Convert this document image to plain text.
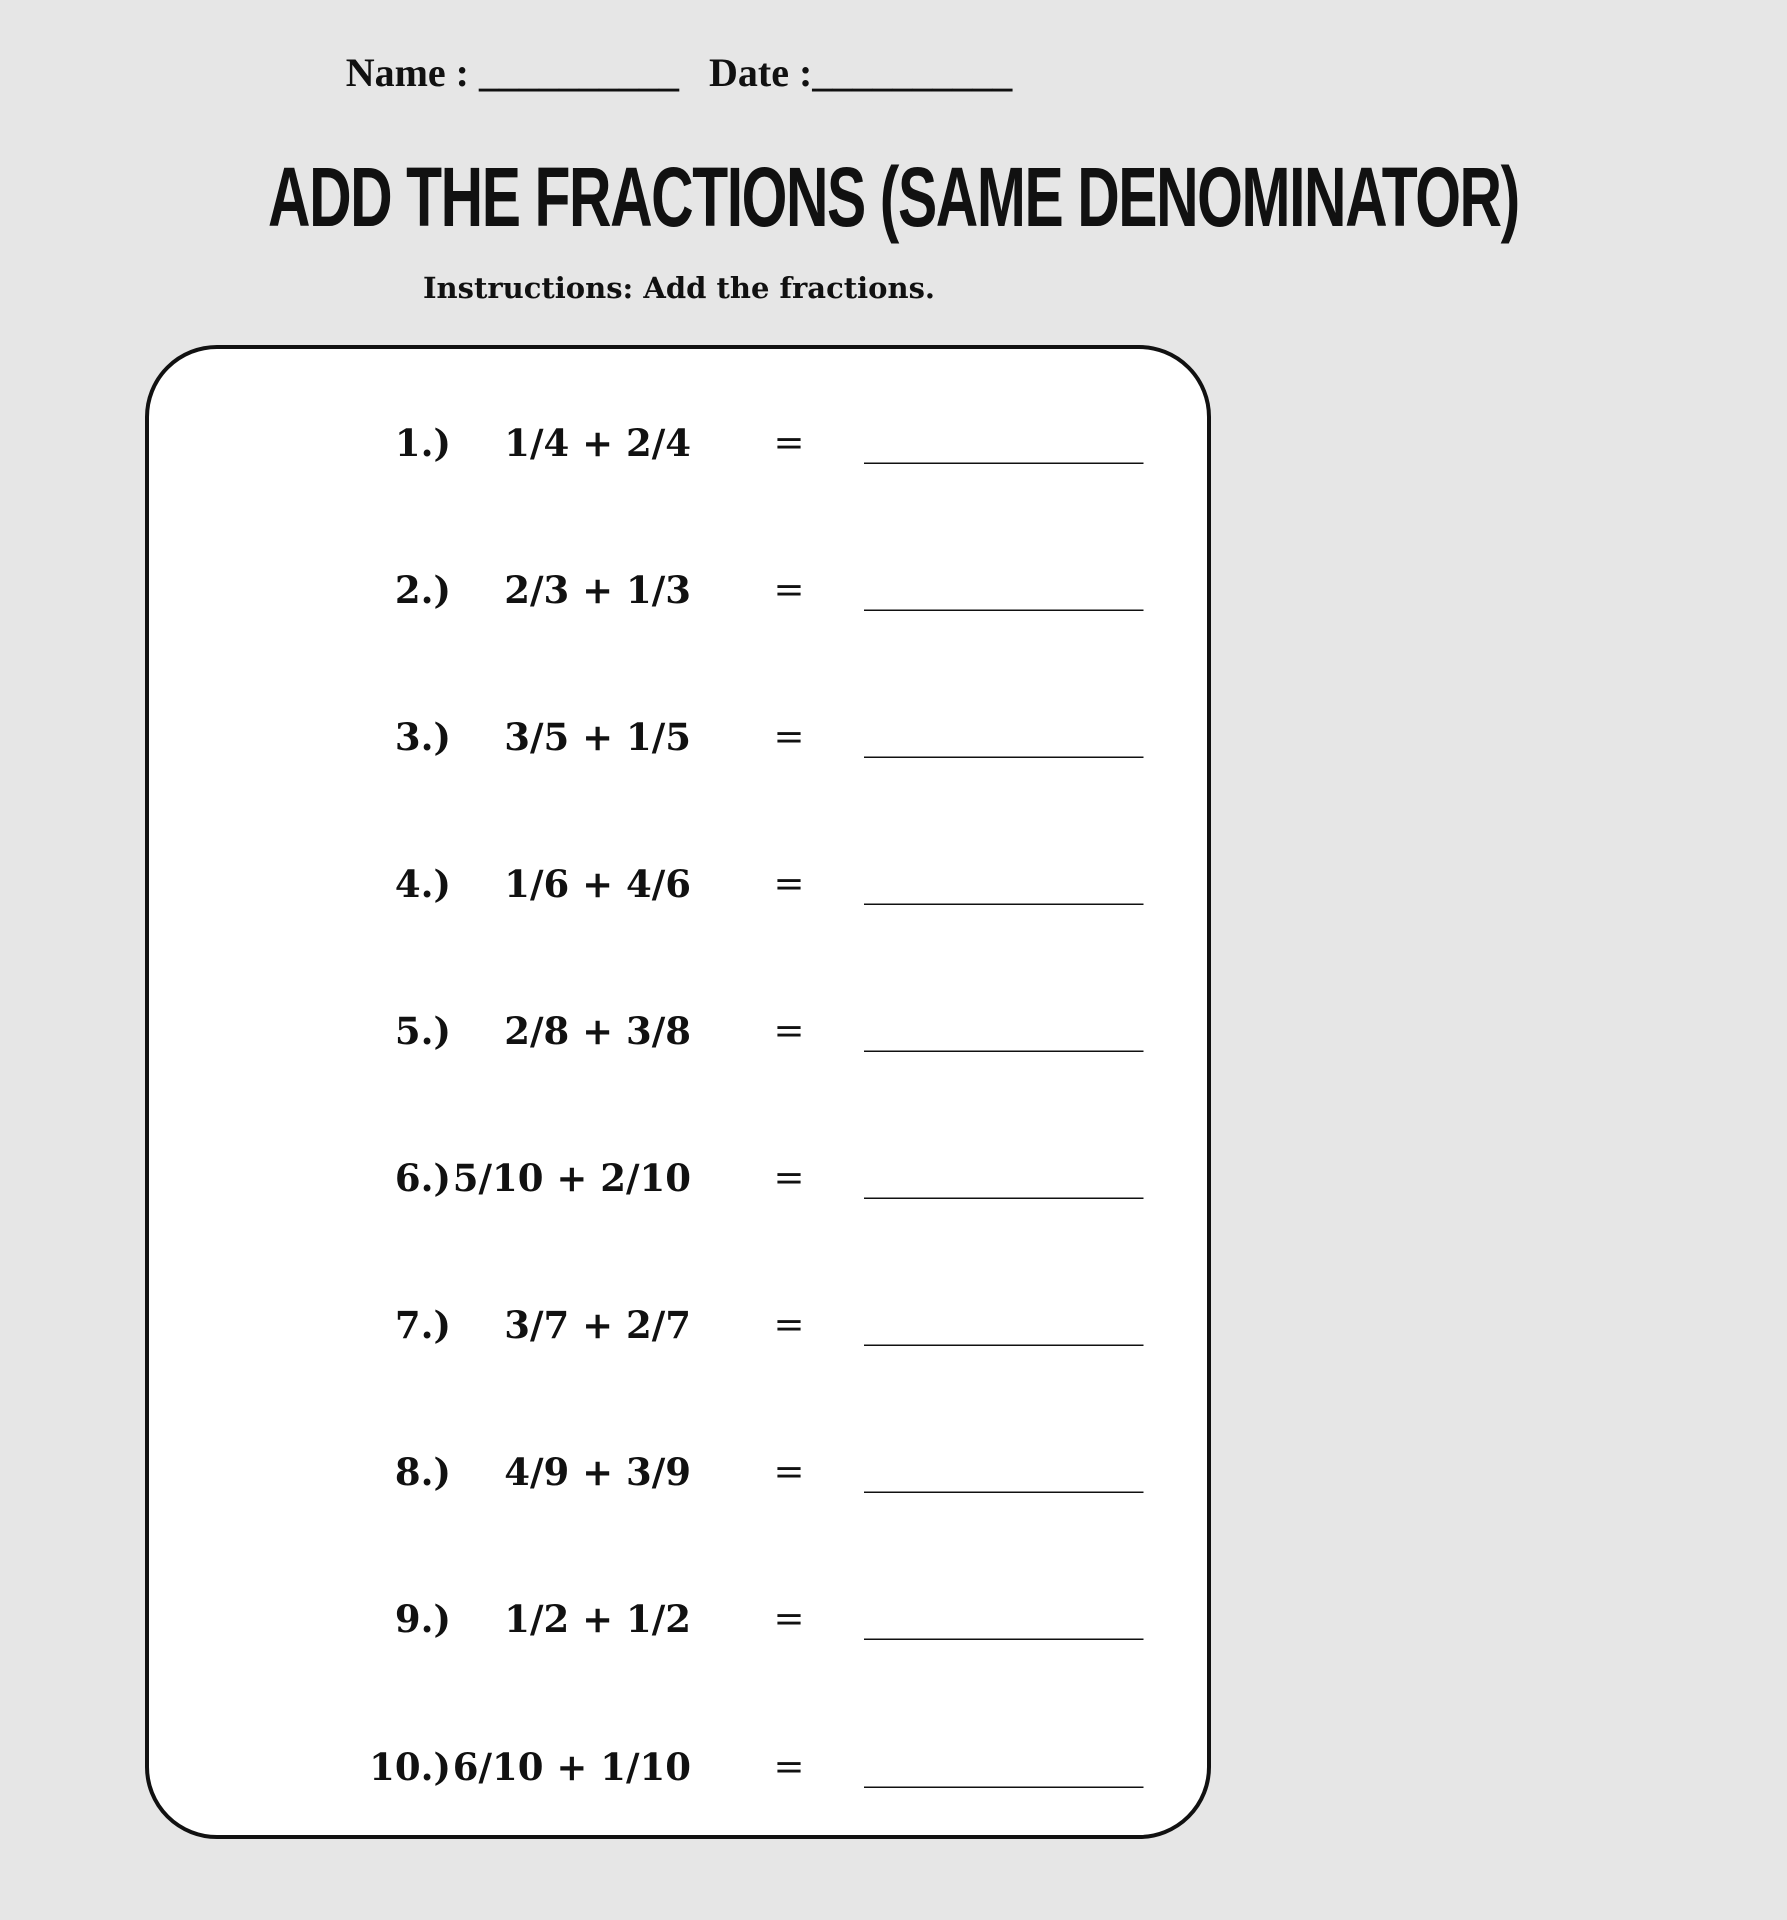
Name : __________ Date :__________
ADD THE FRACTIONS (SAME DENOMINATOR)
Instructions: Add the fractions.
1.)	1/4 + 2/4	=	___________________
2.)	2/3 + 1/3	=	___________________
3.)	3/5 + 1/5	=	___________________
4.)	1/6 + 4/6	=	___________________
5.)	2/8 + 3/8	=	___________________
6.) 5/10 + 2/10	=	___________________
7.)	3/7 + 2/7	=	___________________
8.)	4/9 + 3/9	=	___________________
9.)	1/2 + 1/2	=	___________________
10.) 6/10 + 1/10	=	___________________
